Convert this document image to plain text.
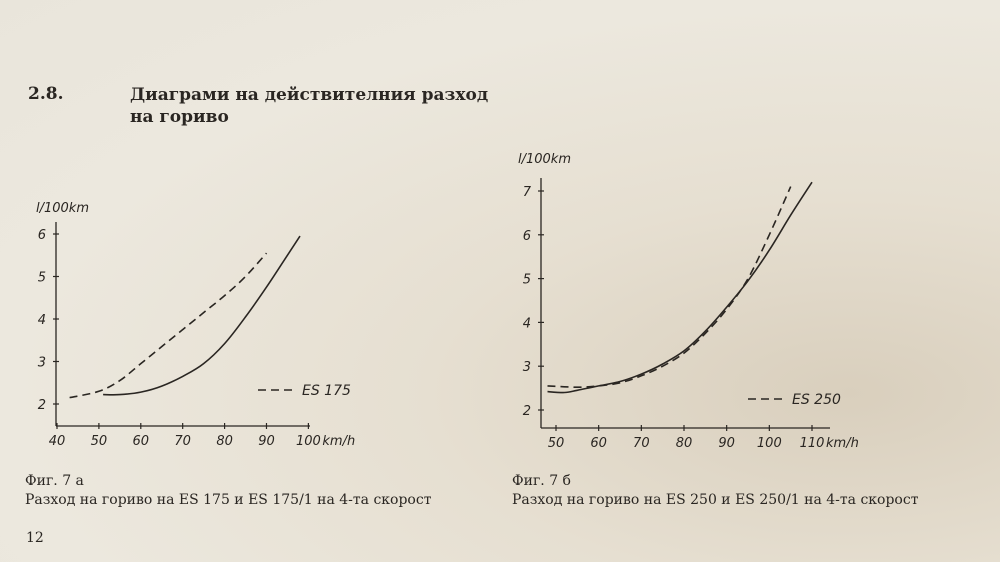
2.8.	Диаграми на действителния разход на гориво
2
3
4
5
6
40 50 60 70 80 90 100 km/h
l/100km
ES 175
2
3
4
5
6
7
50 60 70 80 90 100 110 km/h
l/100km
ES 250
Фиг. 7 а
Разход на гориво на ES 175 и ES 175/1 на 4-та скорост
Фиг. 7 б
Разход на гориво на ES 250 и ES 250/1 на 4-та скорост
12
